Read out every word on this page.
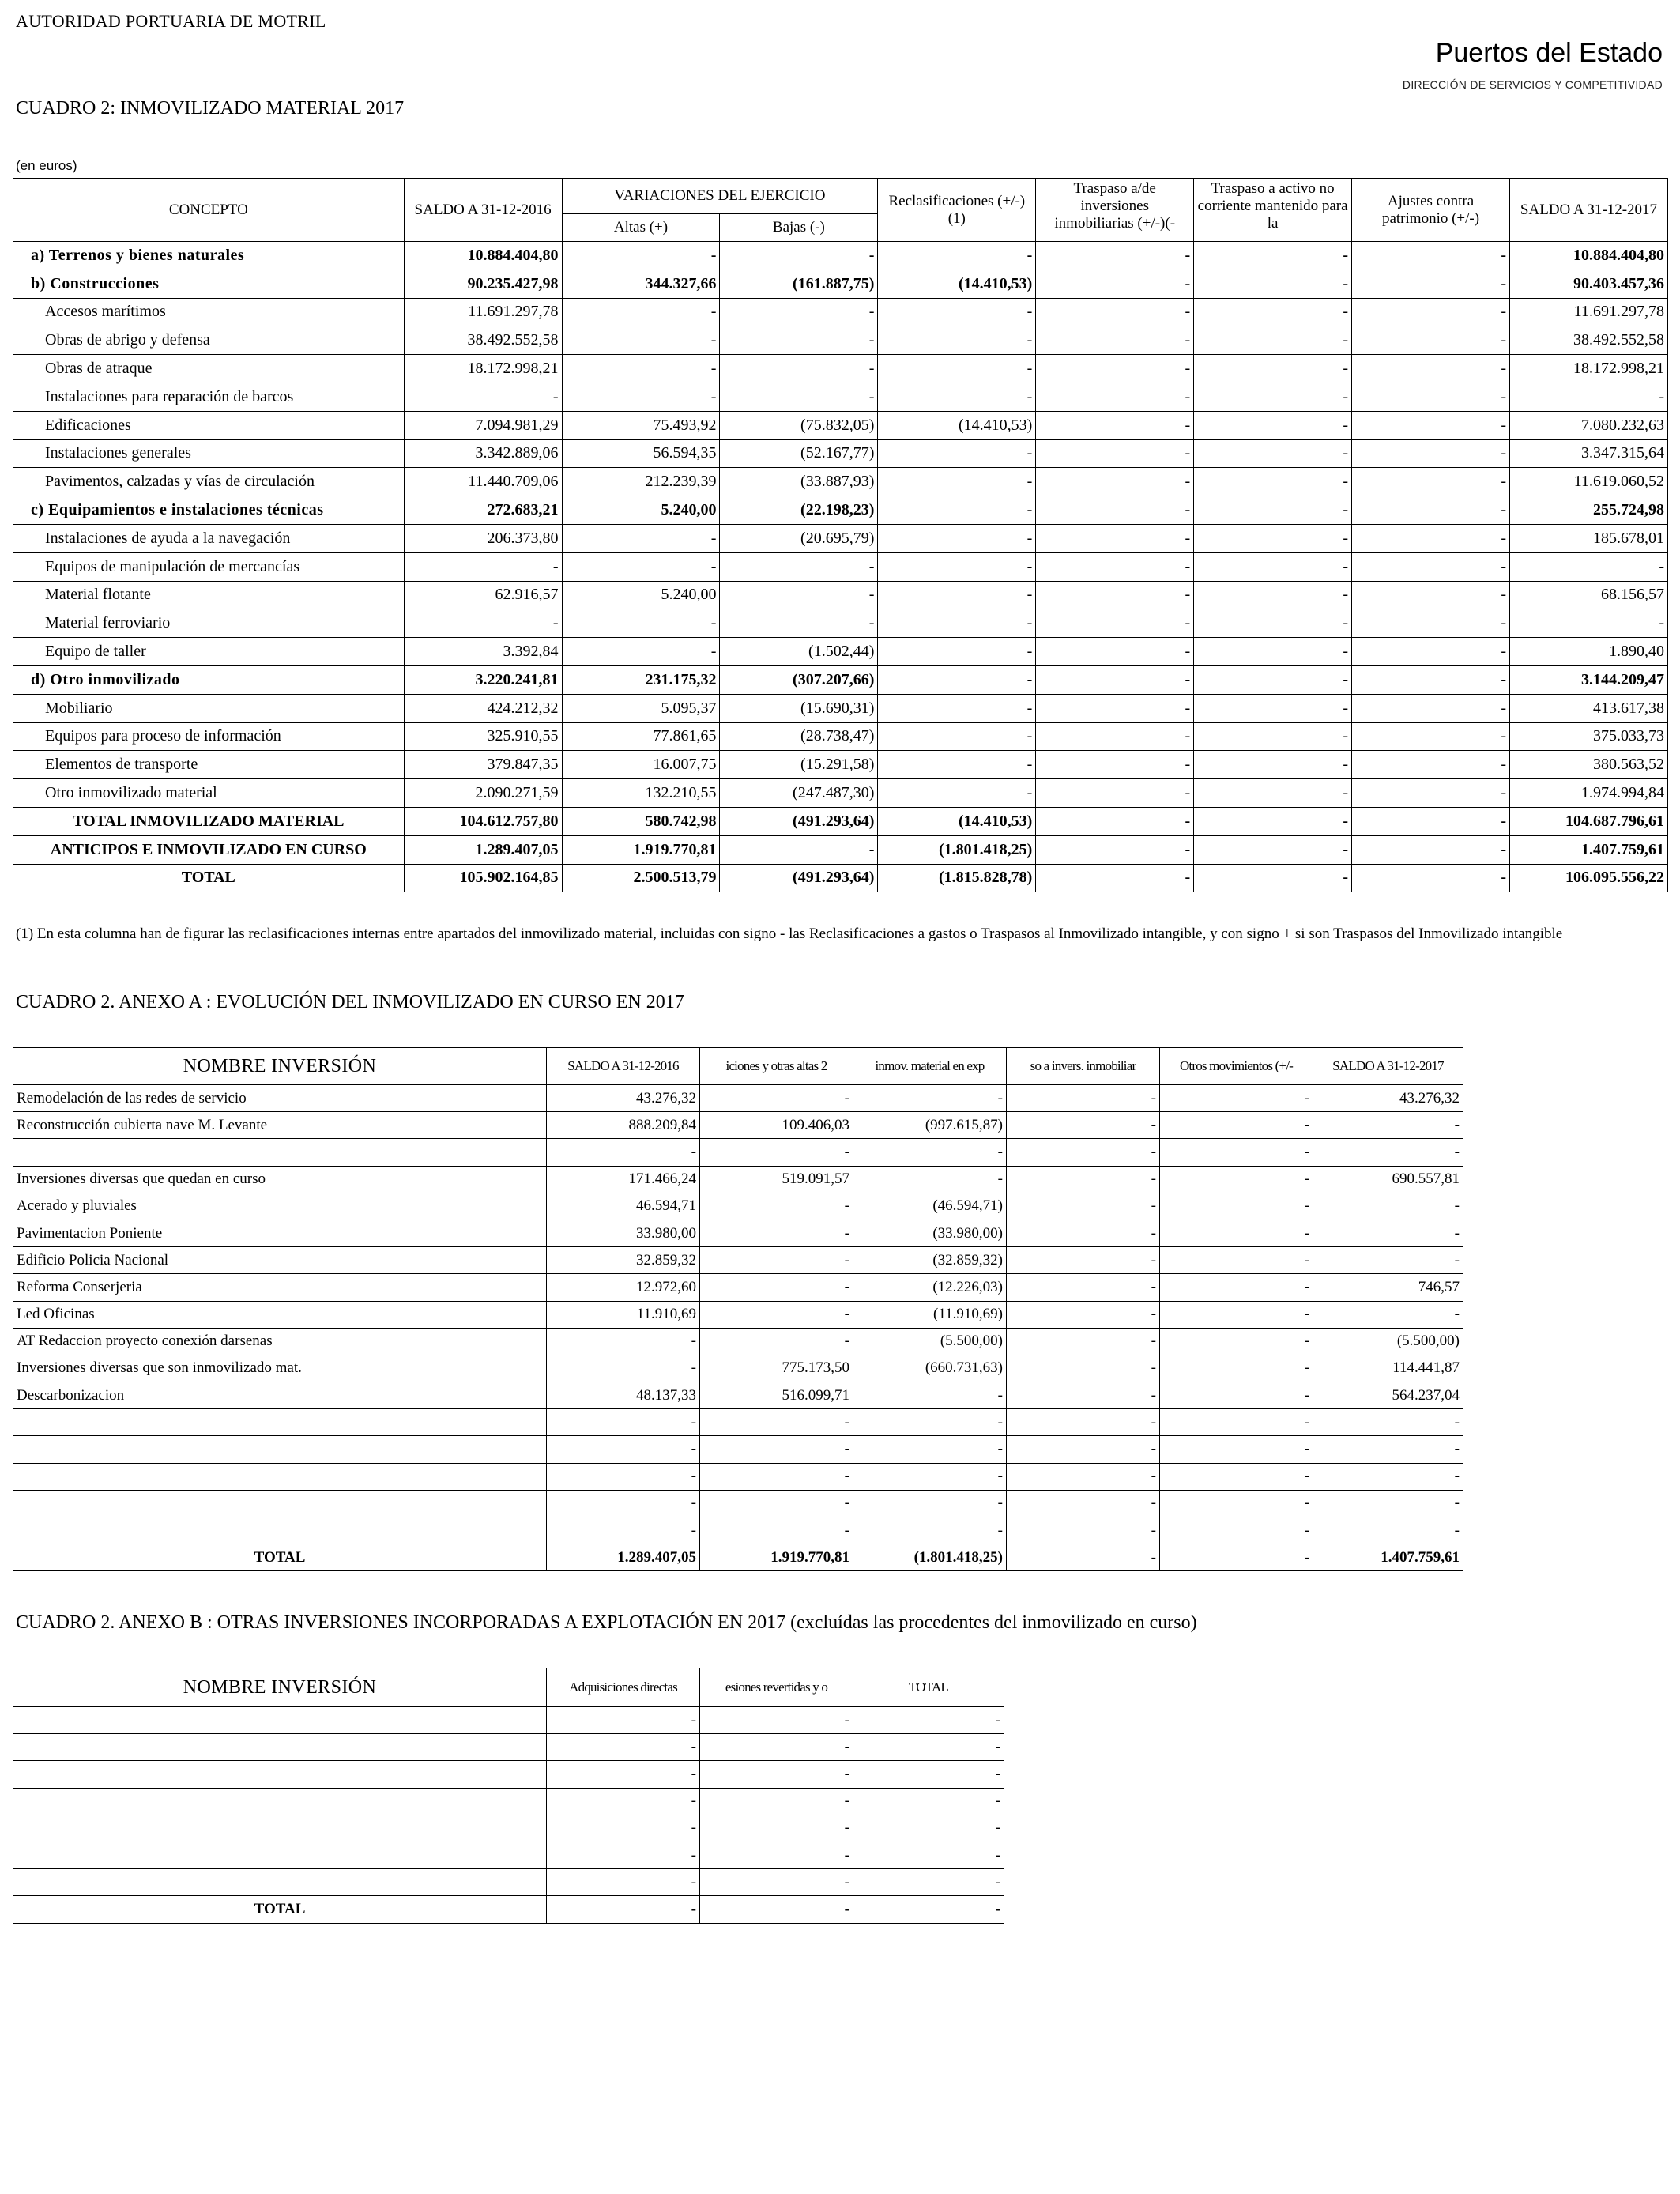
AUTORIDAD PORTUARIA DE MOTRIL
Puertos del Estado
DIRECCIÓN DE SERVICIOS Y COMPETITIVIDAD
CUADRO 2: INMOVILIZADO MATERIAL 2017
(en euros)
CONCEPTO	SALDO A 31-12-2016	VARIACIONES DEL EJERCICIO		Reclasificaciones (+/-) (1)	Traspaso a/de inversiones inmobiliarias (+/-)(-	Traspaso a activo no corriente mantenido para la	Ajustes contra patrimonio (+/-)	SALDO A 31-12-2017
		Altas (+)	Bajas (-)					
a) Terrenos y bienes naturales	10.884.404,80	-	-	-	-	-	-	10.884.404,80
b) Construcciones	90.235.427,98	344.327,66	(161.887,75)	(14.410,53)	-	-	-	90.403.457,36
Accesos marítimos	11.691.297,78	-	-	-	-	-	-	11.691.297,78
Obras de abrigo y defensa	38.492.552,58	-	-	-	-	-	-	38.492.552,58
Obras de atraque	18.172.998,21	-	-	-	-	-	-	18.172.998,21
Instalaciones para reparación de barcos	-	-	-	-	-	-	-	-
Edificaciones	7.094.981,29	75.493,92	(75.832,05)	(14.410,53)	-	-	-	7.080.232,63
Instalaciones generales	3.342.889,06	56.594,35	(52.167,77)	-	-	-	-	3.347.315,64
Pavimentos, calzadas y vías de circulación	11.440.709,06	212.239,39	(33.887,93)	-	-	-	-	11.619.060,52
c) Equipamientos e instalaciones técnicas	272.683,21	5.240,00	(22.198,23)	-	-	-	-	255.724,98
Instalaciones de ayuda a la navegación	206.373,80	-	(20.695,79)	-	-	-	-	185.678,01
Equipos de manipulación de mercancías	-	-	-	-	-	-	-	-
Material flotante	62.916,57	5.240,00	-	-	-	-	-	68.156,57
Material ferroviario	-	-	-	-	-	-	-	-
Equipo de taller	3.392,84	-	(1.502,44)	-	-	-	-	1.890,40
d) Otro inmovilizado	3.220.241,81	231.175,32	(307.207,66)	-	-	-	-	3.144.209,47
Mobiliario	424.212,32	5.095,37	(15.690,31)	-	-	-	-	413.617,38
Equipos para proceso de información	325.910,55	77.861,65	(28.738,47)	-	-	-	-	375.033,73
Elementos de transporte	379.847,35	16.007,75	(15.291,58)	-	-	-	-	380.563,52
Otro inmovilizado material	2.090.271,59	132.210,55	(247.487,30)	-	-	-	-	1.974.994,84
TOTAL INMOVILIZADO MATERIAL	104.612.757,80	580.742,98	(491.293,64)	(14.410,53)	-	-	-	104.687.796,61
ANTICIPOS E INMOVILIZADO EN CURSO	1.289.407,05	1.919.770,81	-	(1.801.418,25)	-	-	-	1.407.759,61
TOTAL	105.902.164,85	2.500.513,79	(491.293,64)	(1.815.828,78)	-	-	-	106.095.556,22
(1) En esta columna han de figurar las reclasificaciones internas entre apartados del inmovilizado material, incluidas con signo - las Reclasificaciones a gastos o Traspasos al Inmovilizado intangible, y con signo + si son Traspasos del Inmovilizado intangible
CUADRO 2. ANEXO A : EVOLUCIÓN DEL INMOVILIZADO EN CURSO EN 2017
NOMBRE INVERSIÓN	SALDO A 31-12-2016	iciones y otras altas 2	inmov. material en exp	so a invers. inmobiliar	Otros movimientos (+/-	SALDO A 31-12-2017
Remodelación de las redes de servicio	43.276,32	-	-	-	-	43.276,32
Reconstrucción cubierta nave M. Levante	888.209,84	109.406,03	(997.615,87)	-	-	-
	-	-	-	-	-	-
Inversiones diversas que quedan en curso	171.466,24	519.091,57	-	-	-	690.557,81
Acerado y pluviales	46.594,71	-	(46.594,71)	-	-	-
Pavimentacion Poniente	33.980,00	-	(33.980,00)	-	-	-
Edificio Policia Nacional	32.859,32	-	(32.859,32)	-	-	-
Reforma Conserjeria	12.972,60	-	(12.226,03)	-	-	746,57
Led Oficinas	11.910,69	-	(11.910,69)	-	-	-
AT Redaccion proyecto conexión darsenas	-	-	(5.500,00)	-	-	(5.500,00)
Inversiones diversas que son inmovilizado mat.	-	775.173,50	(660.731,63)	-	-	114.441,87
Descarbonizacion	48.137,33	516.099,71	-	-	-	564.237,04
	-	-	-	-	-	-
	-	-	-	-	-	-
	-	-	-	-	-	-
	-	-	-	-	-	-
	-	-	-	-	-	-
TOTAL	1.289.407,05	1.919.770,81	(1.801.418,25)	-	-	1.407.759,61
CUADRO 2. ANEXO B : OTRAS INVERSIONES INCORPORADAS A EXPLOTACIÓN EN 2017 (excluídas las procedentes del inmovilizado en curso)
NOMBRE INVERSIÓN	Adquisiciones directas	esiones revertidas y o	TOTAL
	-	-	-
	-	-	-
	-	-	-
	-	-	-
	-	-	-
	-	-	-
	-	-	-
TOTAL	-	-	-
